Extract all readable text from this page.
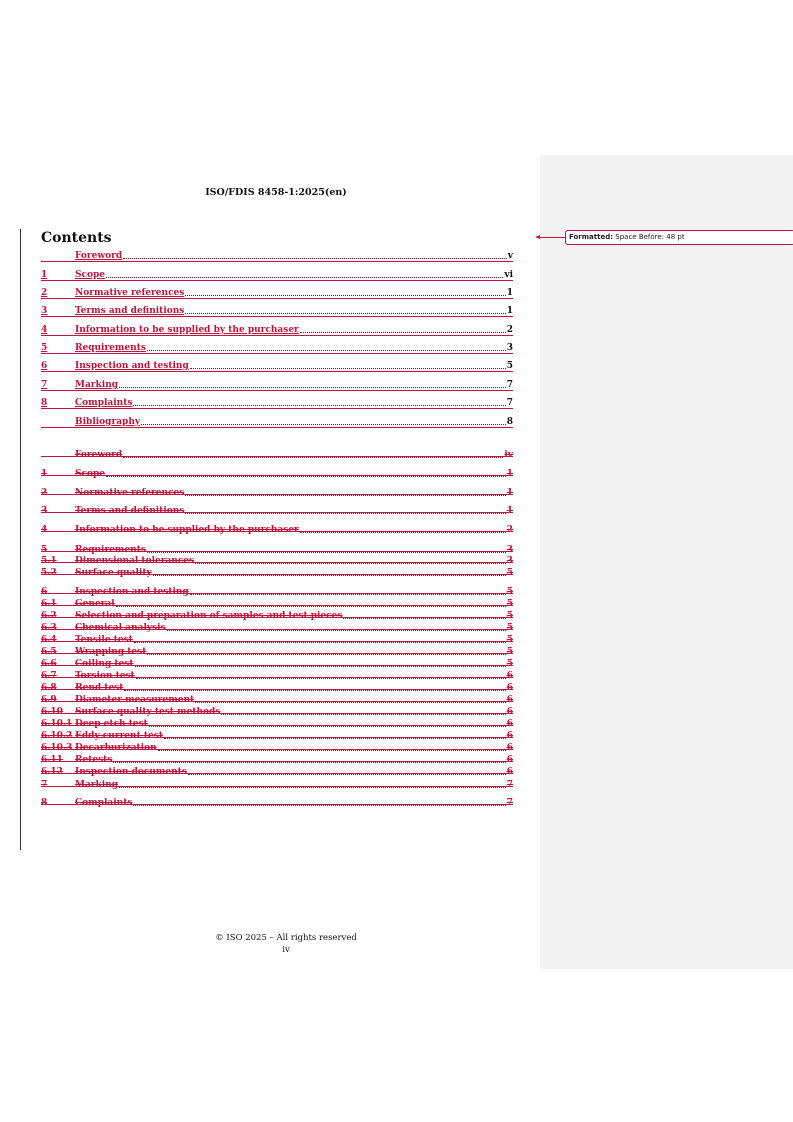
ISO/FDIS 8458-1:2025(en)
Contents
Foreword	v
1	Scope	vi
2	Normative references	1
3	Terms and definitions	1
4	Information to be supplied by the purchaser	2
5	Requirements	3
6	Inspection and testing	5
7	Marking	7
8	Complaints	7
Bibliography	8
Foreword	iv
1	Scope	1
2	Normative references	1
3	Terms and definitions	1
4	Information to be supplied by the purchaser	2
5	Requirements	3
5.1	Dimensional tolerances	3
5.2	Surface quality	5
6	Inspection and testing	5
6.1	General	5
6.2	Selection and preparation of samples and test pieces	5
6.3	Chemical analysis	5
6.4	Tensile test	5
6.5	Wrapping test	5
6.6	Coiling test	5
6.7	Torsion test	6
6.8	Bend test	6
6.9	Diameter measurement	6
6.10	Surface quality test methods	6
6.10.1 Deep etch test	6
6.10.2 Eddy current test	6
6.10.3 Decarburization	6
6.11	Retests	6
6.12	Inspection documents	6
7	Marking	7
8	Complaints	7
Formatted: Space Before: 48 pt
© ISO 2025 – All rights reserved
iv
